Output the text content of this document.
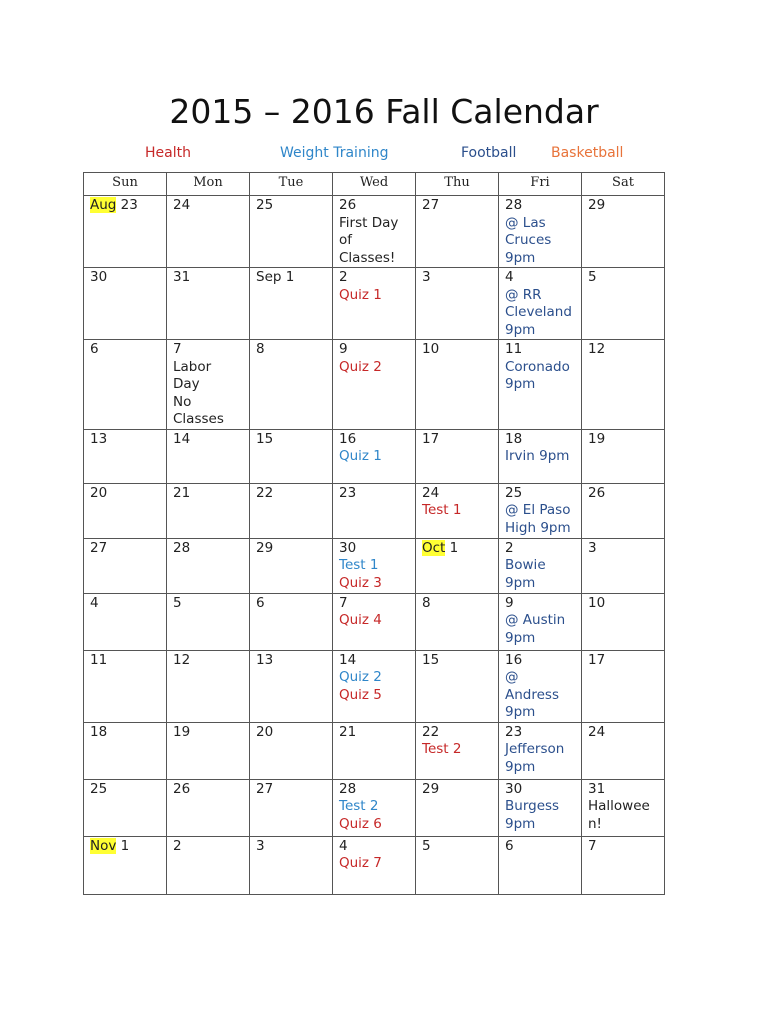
2015 – 2016 Fall Calendar
Sun	Mon	Tue	Wed	Thu	Fri	Sat

Aug 23	24	25	26
First Day
of
Classes!	27	28
@ Las
Cruces
9pm	29

30	31	Sep 1	2
Quiz 1	3	4
@ RR
Cleveland
9pm	5

6	7
Labor
Day
No
Classes	8	9
Quiz 2	10	11
Coronado
9pm	12

13	14	15	16
Quiz 1	17	18
Irvin 9pm	19

20	21	22	23	24
Test 1	25
@ El Paso
High 9pm	26

27	28	29	30
Test 1
Quiz 3	Oct 1	2
Bowie
9pm	3

4	5	6	7
Quiz 4	8	9
@ Austin
9pm	10

11	12	13	14
Quiz 2
Quiz 5	15	16
@
Andress
9pm	17

18	19	20	21	22
Test 2	23
Jefferson
9pm	24

25	26	27	28
Test 2
Quiz 6	29	30
Burgess
9pm	31
Hallowee
n!

Nov 1	2	3	4
Quiz 7	5	6	7
Health	Weight Training	Football Basketball
